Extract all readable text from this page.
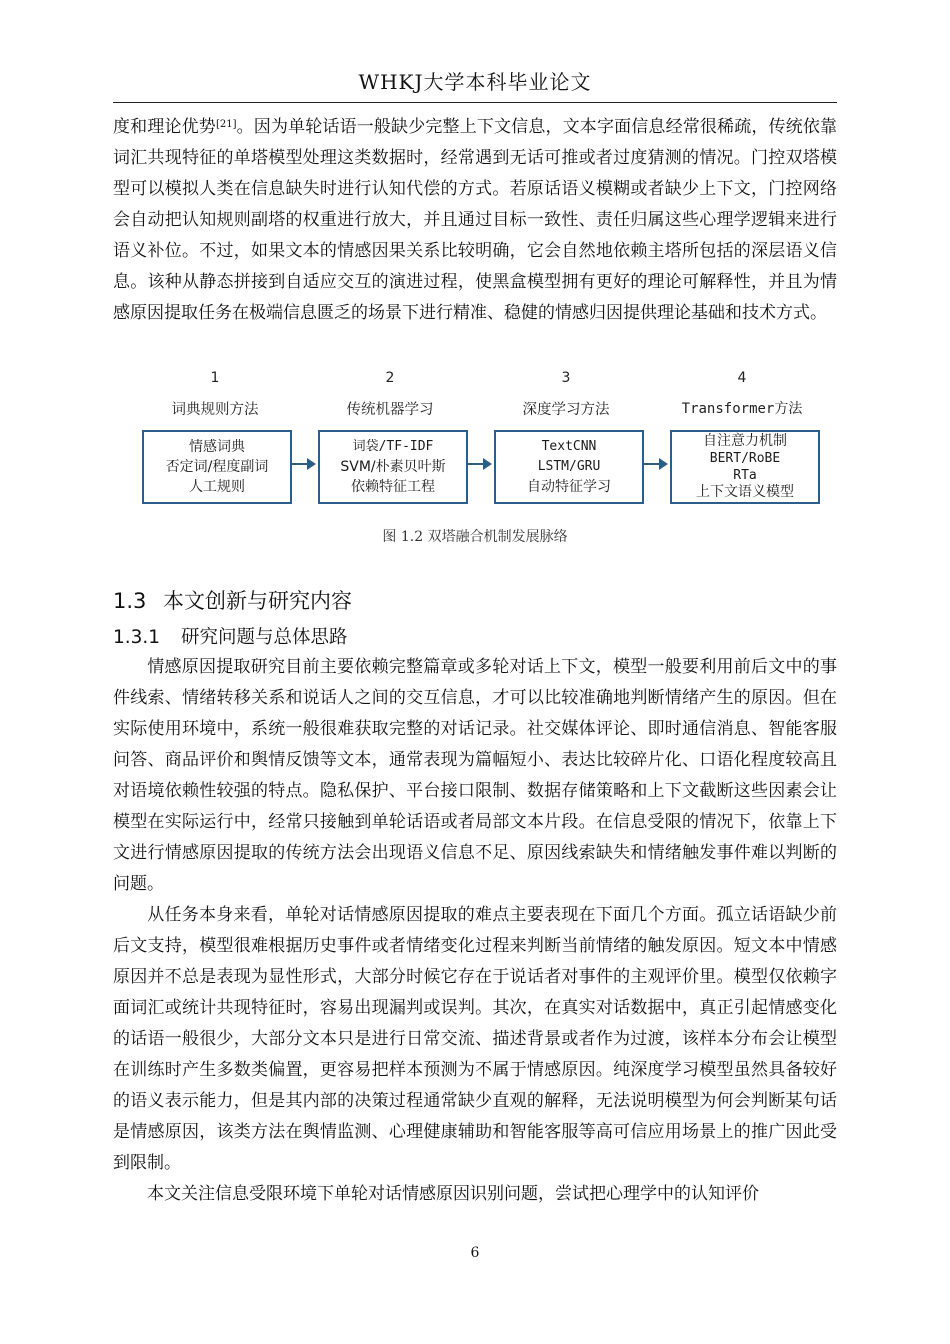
WHKJ大学本科毕业论文

度和理论优势[21]。因为单轮话语一般缺少完整上下文信息，文本字面信息经常很稀疏，传统依靠词汇共现特征的单塔模型处理这类数据时，经常遇到无话可推或者过度猜测的情况。门控双塔模型可以模拟人类在信息缺失时进行认知代偿的方式。若原话语义模糊或者缺少上下文，门控网络会自动把认知规则副塔的权重进行放大，并且通过目标一致性、责任归属这些心理学逻辑来进行语义补位。不过，如果文本的情感因果关系比较明确，它会自然地依赖主塔所包括的深层语义信息。该种从静态拼接到自适应交互的演进过程，使黑盒模型拥有更好的理论可解释性，并且为情感原因提取任务在极端信息匮乏的场景下进行精准、稳健的情感归因提供理论基础和技术方式。

1
词典规则方法
情感词典
否定词/程度副词
人工规则
2
传统机器学习
词袋/TF-IDF
SVM/朴素贝叶斯
依赖特征工程
3
深度学习方法
TextCNN
LSTM/GRU
自动特征学习
4
Transformer方法
自注意力机制
BERT/RoBE
RTa
上下文语义模型
图 1.2 双塔融合机制发展脉络
1.3 本文创新与研究内容
1.3.1 研究问题与总体思路

情感原因提取研究目前主要依赖完整篇章或多轮对话上下文，模型一般要利用前后文中的事件线索、情绪转移关系和说话人之间的交互信息，才可以比较准确地判断情绪产生的原因。但在实际使用环境中，系统一般很难获取完整的对话记录。社交媒体评论、即时通信消息、智能客服问答、商品评价和舆情反馈等文本，通常表现为篇幅短小、表达比较碎片化、口语化程度较高且对语境依赖性较强的特点。隐私保护、平台接口限制、数据存储策略和上下文截断这些因素会让模型在实际运行中，经常只接触到单轮话语或者局部文本片段。在信息受限的情况下，依靠上下文进行情感原因提取的传统方法会出现语义信息不足、原因线索缺失和情绪触发事件难以判断的问题。

从任务本身来看，单轮对话情感原因提取的难点主要表现在下面几个方面。孤立话语缺少前后文支持，模型很难根据历史事件或者情绪变化过程来判断当前情绪的触发原因。短文本中情感原因并不总是表现为显性形式，大部分时候它存在于说话者对事件的主观评价里。模型仅依赖字面词汇或统计共现特征时，容易出现漏判或误判。其次，在真实对话数据中，真正引起情感变化的话语一般很少，大部分文本只是进行日常交流、描述背景或者作为过渡，该样本分布会让模型在训练时产生多数类偏置，更容易把样本预测为不属于情感原因。纯深度学习模型虽然具备较好的语义表示能力，但是其内部的决策过程通常缺少直观的解释，无法说明模型为何会判断某句话是情感原因，该类方法在舆情监测、心理健康辅助和智能客服等高可信应用场景上的推广因此受到限制。

本文关注信息受限环境下单轮对话情感原因识别问题，尝试把心理学中的认知评价

6
